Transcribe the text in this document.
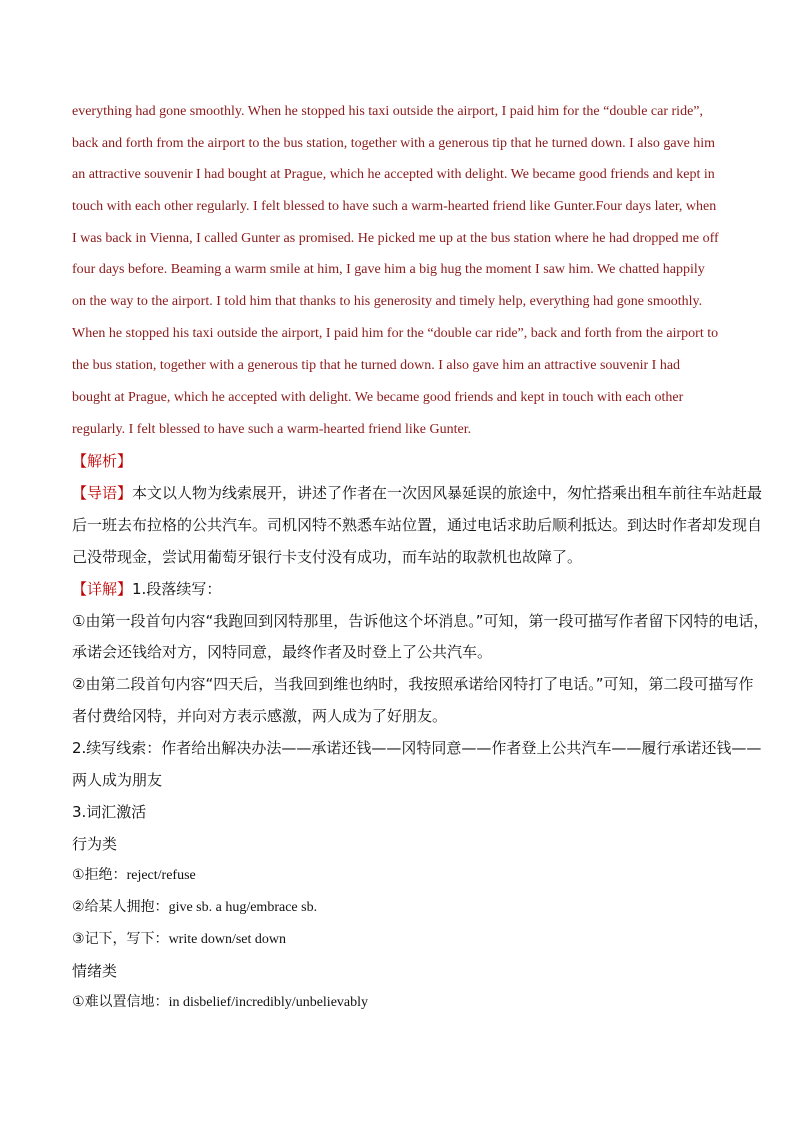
everything had gone smoothly. When he stopped his taxi outside the airport, I paid him for the “double car ride”,
back and forth from the airport to the bus station, together with a generous tip that he turned down. I also gave him
an attractive souvenir I had bought at Prague, which he accepted with delight. We became good friends and kept in
touch with each other regularly. I felt blessed to have such a warm-hearted friend like Gunter.Four days later, when
I was back in Vienna, I called Gunter as promised. He picked me up at the bus station where he had dropped me off
four days before. Beaming a warm smile at him, I gave him a big hug the moment I saw him. We chatted happily
on the way to the airport. I told him that thanks to his generosity and timely help, everything had gone smoothly.
When he stopped his taxi outside the airport, I paid him for the “double car ride”, back and forth from the airport to
the bus station, together with a generous tip that he turned down. I also gave him an attractive souvenir I had
bought at Prague, which he accepted with delight. We became good friends and kept in touch with each other
regularly. I felt blessed to have such a warm-hearted friend like Gunter.
【解析】
【导语】本文以人物为线索展开，讲述了作者在一次因风暴延误的旅途中，匆忙搭乘出租车前往车站赶最
后一班去布拉格的公共汽车。司机冈特不熟悉车站位置，通过电话求助后顺利抵达。到达时作者却发现自
己没带现金，尝试用葡萄牙银行卡支付没有成功，而车站的取款机也故障了。
【详解】1.段落续写：
①由第一段首句内容“我跑回到冈特那里，告诉他这个坏消息。”可知，第一段可描写作者留下冈特的电话，
承诺会还钱给对方，冈特同意，最终作者及时登上了公共汽车。
②由第二段首句内容“四天后，当我回到维也纳时，我按照承诺给冈特打了电话。”可知，第二段可描写作
者付费给冈特，并向对方表示感激，两人成为了好朋友。
2.续写线索：作者给出解决办法——承诺还钱——冈特同意——作者登上公共汽车——履行承诺还钱——
两人成为朋友
3.词汇激活
行为类
①拒绝：reject/refuse
②给某人拥抱：give sb. a hug/embrace sb.
③记下，写下：write down/set down
情绪类
①难以置信地：in disbelief/incredibly/unbelievably
